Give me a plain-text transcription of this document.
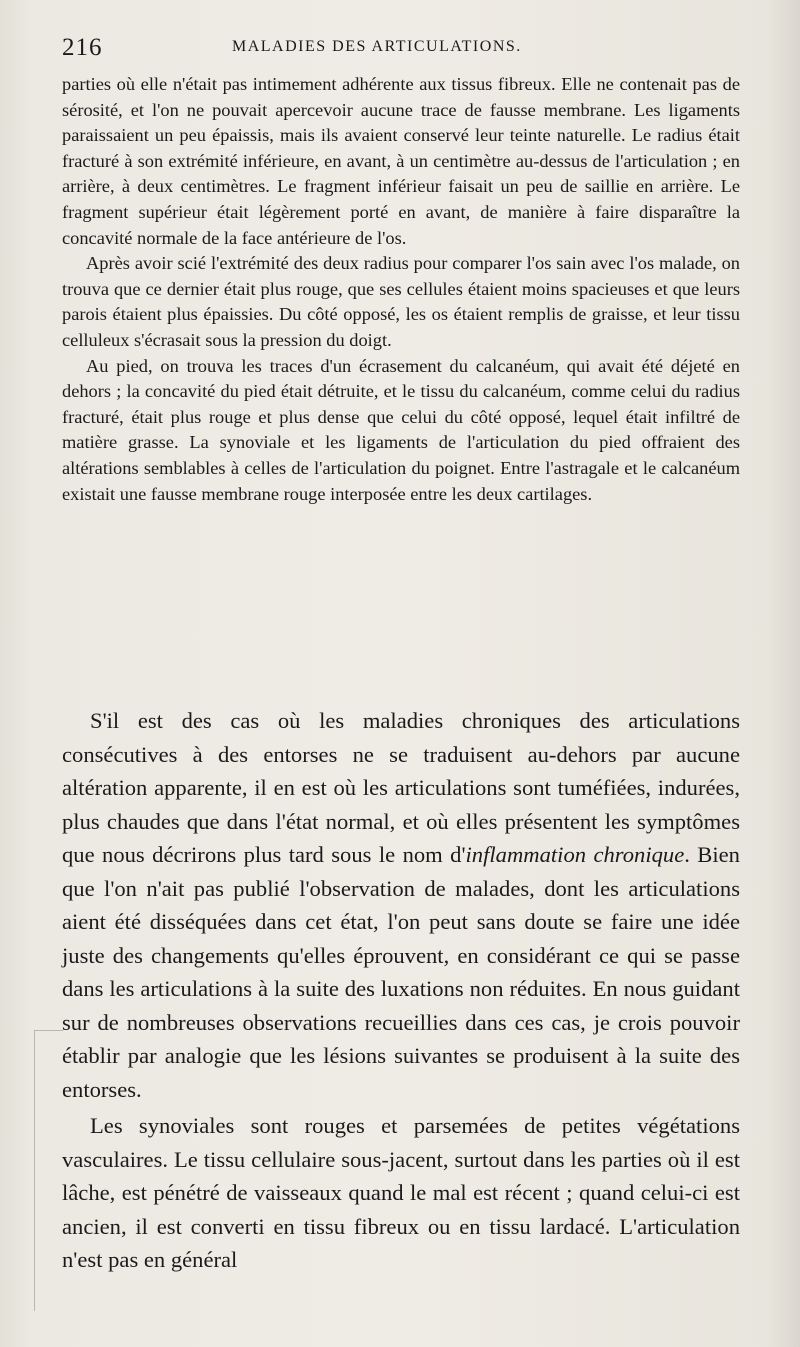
216	MALADIES DES ARTICULATIONS.

parties où elle n'était pas intimement adhérente aux tissus fibreux. Elle ne contenait pas de sérosité, et l'on ne pouvait apercevoir aucune trace de fausse membrane. Les ligaments paraissaient un peu épaissis, mais ils avaient conservé leur teinte naturelle. Le radius était fracturé à son extrémité inférieure, en avant, à un centimètre au-dessus de l'articulation ; en arrière, à deux centimètres. Le fragment inférieur faisait un peu de saillie en arrière. Le fragment supérieur était légèrement porté en avant, de manière à faire disparaître la concavité normale de la face antérieure de l'os.

Après avoir scié l'extrémité des deux radius pour comparer l'os sain avec l'os malade, on trouva que ce dernier était plus rouge, que ses cellules étaient moins spacieuses et que leurs parois étaient plus épaissies. Du côté opposé, les os étaient remplis de graisse, et leur tissu celluleux s'écrasait sous la pression du doigt.

Au pied, on trouva les traces d'un écrasement du calcanéum, qui avait été déjeté en dehors ; la concavité du pied était détruite, et le tissu du calcanéum, comme celui du radius fracturé, était plus rouge et plus dense que celui du côté opposé, lequel était infiltré de matière grasse. La synoviale et les ligaments de l'articulation du pied offraient des altérations semblables à celles de l'articulation du poignet. Entre l'astragale et le calcanéum existait une fausse membrane rouge interposée entre les deux cartilages.

S'il est des cas où les maladies chroniques des articulations consécutives à des entorses ne se traduisent au-dehors par aucune altération apparente, il en est où les articulations sont tuméfiées, indurées, plus chaudes que dans l'état normal, et où elles présentent les symptômes que nous décrirons plus tard sous le nom d'inflammation chronique. Bien que l'on n'ait pas publié l'observation de malades, dont les articulations aient été disséquées dans cet état, l'on peut sans doute se faire une idée juste des changements qu'elles éprouvent, en considérant ce qui se passe dans les articulations à la suite des luxations non réduites. En nous guidant sur de nombreuses observations recueillies dans ces cas, je crois pouvoir établir par analogie que les lésions suivantes se produisent à la suite des entorses.

Les synoviales sont rouges et parsemées de petites végétations vasculaires. Le tissu cellulaire sous-jacent, surtout dans les parties où il est lâche, est pénétré de vaisseaux quand le mal est récent ; quand celui-ci est ancien, il est converti en tissu fibreux ou en tissu lardacé. L'articulation n'est pas en général
